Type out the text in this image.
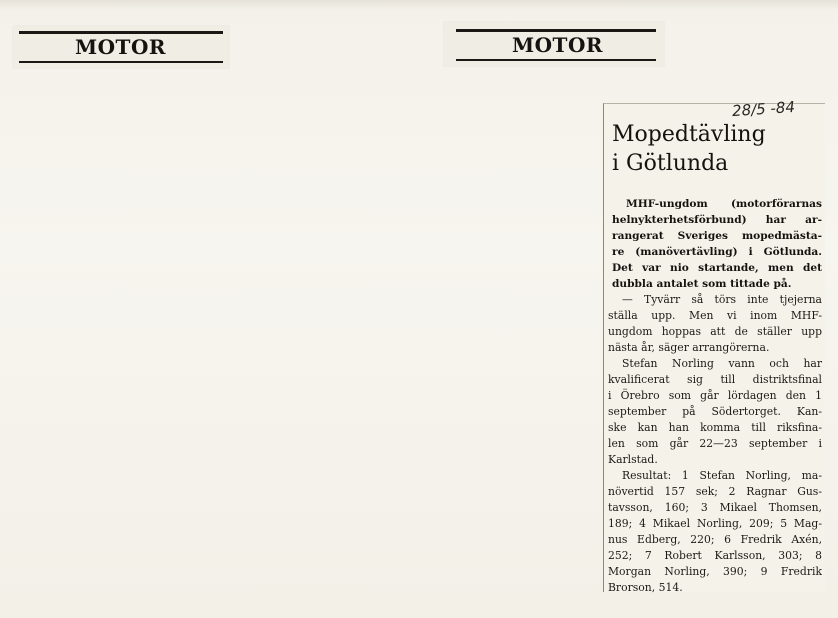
MOTOR	MOTOR
28/5 -84
Mopedtävling
i Götlunda

MHF-ungdom (motorförarnas
helnykterhetsförbund) har ar-
rangerat Sveriges mopedmästa-
re (manövertävling) i Götlunda.
Det var nio startande, men det
dubbla antalet som tittade på.

— Tyvärr så törs inte tjejerna
ställa upp. Men vi inom MHF-
ungdom hoppas att de ställer upp
nästa år, säger arrangörerna.
Stefan Norling vann och har
kvalificerat sig till distriktsfinal
i Örebro som går lördagen den 1
september på Södertorget. Kan-
ske kan han komma till riksfina-
len som går 22—23 september i
Karlstad.
Resultat: 1 Stefan Norling, ma-
növertid 157 sek; 2 Ragnar Gus-
tavsson, 160; 3 Mikael Thomsen,
189; 4 Mikael Norling, 209; 5 Mag-
nus Edberg, 220; 6 Fredrik Axén,
252; 7 Robert Karlsson, 303; 8
Morgan Norling, 390; 9 Fredrik
Brorson, 514.
